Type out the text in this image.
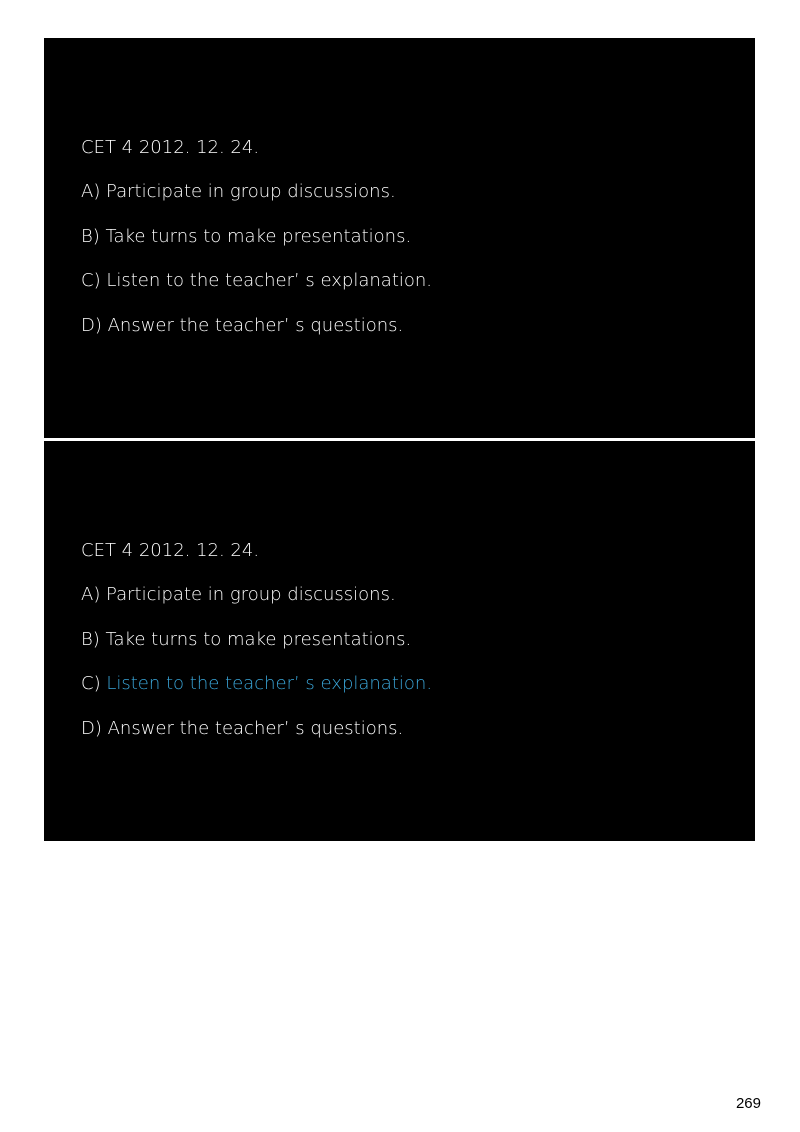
CET 4 2012. 12. 24.

A) Participate in group discussions.

B) Take turns to make presentations.

C) Listen to the teacher’ s explanation.

D) Answer the teacher’ s questions.

CET 4 2012. 12. 24.

A) Participate in group discussions.

B) Take turns to make presentations.

C) Listen to the teacher’ s explanation.

D) Answer the teacher’ s questions.

269
